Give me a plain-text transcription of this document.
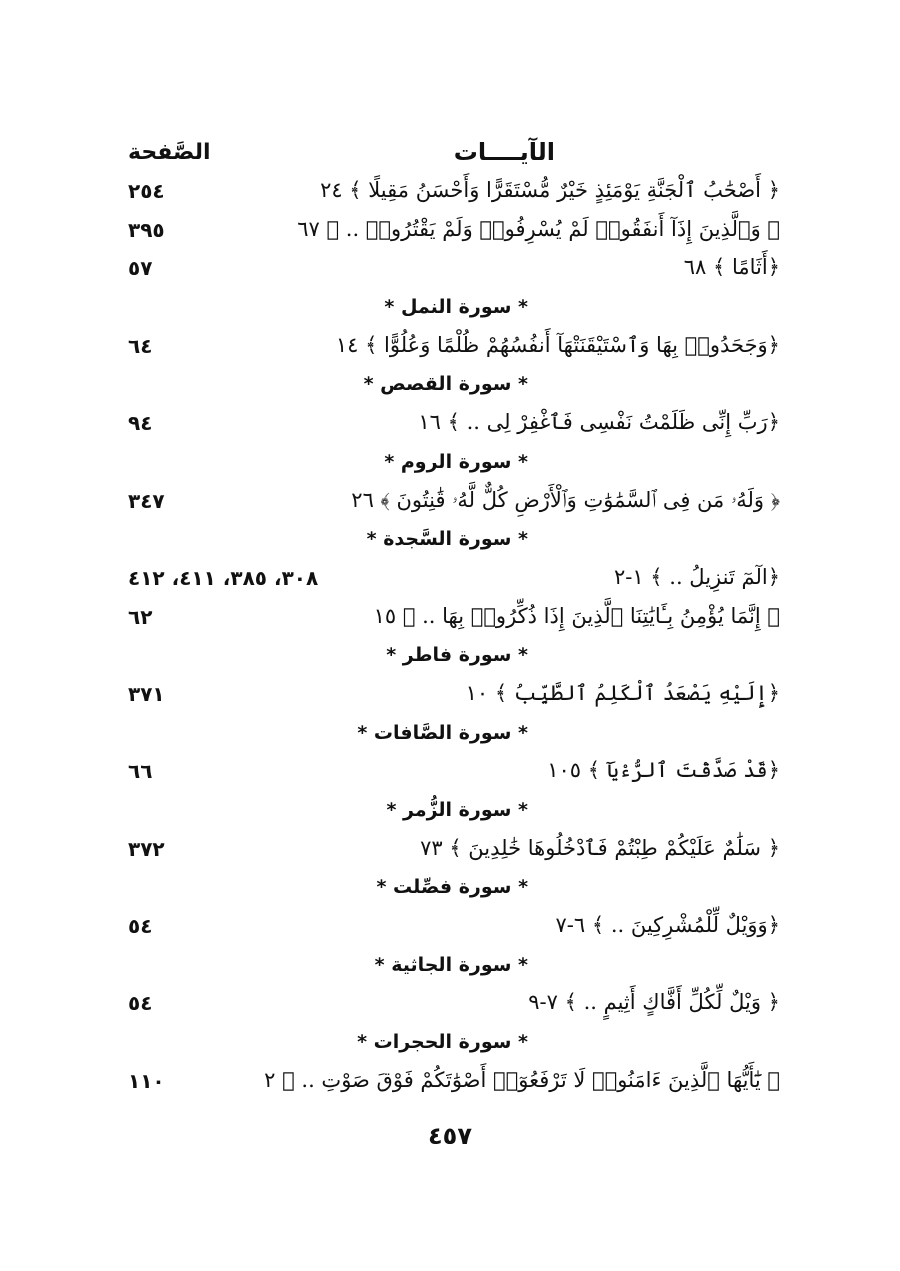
الآيــــات
الصَّفحة
﴿ أَصْحَٰبُ ٱلْجَنَّةِ يَوْمَئِذٍ خَيْرٌ مُّسْتَقَرًّا وَأَحْسَنُ مَقِيلًا ﴾ ٢٤
٢٥٤
﴿ وَٱلَّذِينَ إِذَآ أَنفَقُوا۟ لَمْ يُسْرِفُوا۟ وَلَمْ يَقْتُرُوا۟ .. ﴾ ٦٧
٣٩٥
﴿أَثَامًا ﴾ ٦٨
٥٧
* سورة النمل *
﴿وَجَحَدُوا۟ بِهَا وَٱسْتَيْقَنَتْهَآ أَنفُسُهُمْ ظُلْمًا وَعُلُوًّا ﴾ ١٤
٦٤
* سورة القصص *
﴿رَبِّ إِنِّى ظَلَمْتُ نَفْسِى فَٱغْفِرْ لِى .. ﴾ ١٦
٩٤
* سورة الروم *
﴿ وَلَهُۥ مَن فِى ٱلسَّمَٰوَٰتِ وَٱلْأَرْضِ كُلٌّ لَّهُۥ قَٰنِتُونَ ﴾ ٢٦
٣٤٧
* سورة السَّجدة *
﴿الٓمٓ تَنزِيلُ .. ﴾ ١-٢
٣٠٨، ٣٨٥، ٤١١، ٤١٢
﴿ إِنَّمَا يُؤْمِنُ بِـَٔايَٰتِنَا ٱلَّذِينَ إِذَا ذُكِّرُوا۟ بِهَا .. ﴾ ١٥
٦٢
* سورة فاطر *
﴿إِلَيْهِ يَصْعَدُ ٱلْكَلِمُ ٱلطَّيِّبُ ﴾ ١٠
٣٧١
* سورة الصَّافات *
﴿قَدْ صَدَّقْتَ ٱلرُّءْيَآ ﴾ ١٠٥
٦٦
* سورة الزُّمر *
﴿ سَلَٰمٌ عَلَيْكُمْ طِبْتُمْ فَٱدْخُلُوهَا خَٰلِدِينَ ﴾ ٧٣
٣٧٢
* سورة فصِّلت *
﴿وَوَيْلٌ لِّلْمُشْرِكِينَ .. ﴾ ٦-٧
٥٤
* سورة الجاثية *
﴿ وَيْلٌ لِّكُلِّ أَفَّاكٍ أَثِيمٍ .. ﴾ ٧-٩
٥٤
* سورة الحجرات *
﴿ يَٰٓأَيُّهَا ٱلَّذِينَ ءَامَنُوا۟ لَا تَرْفَعُوٓا۟ أَصْوَٰتَكُمْ فَوْقَ صَوْتِ .. ﴾ ٢
١١٠
٤٥٧
